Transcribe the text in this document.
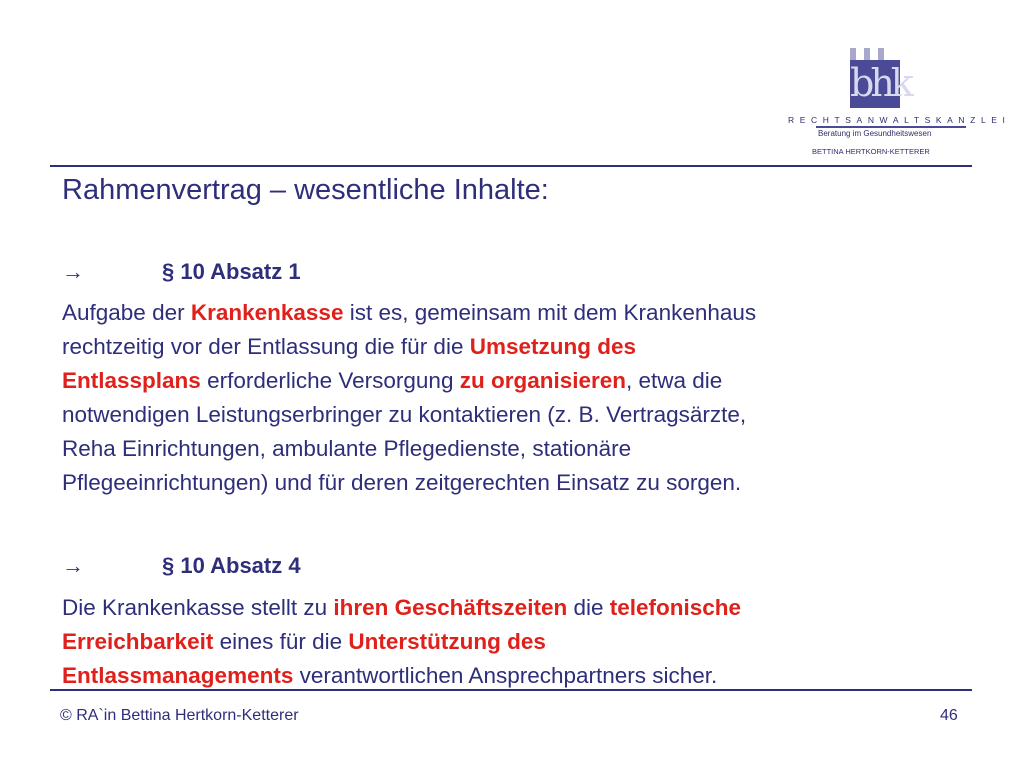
bhk
RECHTSANWALTSKANZLEI
Beratung im Gesundheitswesen
BETTINA HERTKORN-KETTERER
Rahmenvertrag – wesentliche Inhalte:
→	§ 10 Absatz 1
Aufgabe der Krankenkasse ist es, gemeinsam mit dem Krankenhaus
rechtzeitig vor der Entlassung die für die Umsetzung des
Entlassplans erforderliche Versorgung zu organisieren, etwa die
notwendigen Leistungserbringer zu kontaktieren (z. B. Vertragsärzte,
Reha Einrichtungen, ambulante Pflegedienste, stationäre
Pflegeeinrichtungen) und für deren zeitgerechten Einsatz zu sorgen.
→	§ 10 Absatz 4
Die Krankenkasse stellt zu ihren Geschäftszeiten die telefonische
Erreichbarkeit eines für die Unterstützung des
Entlassmanagements verantwortlichen Ansprechpartners sicher.
© RA`in Bettina Hertkorn-Ketterer	46
